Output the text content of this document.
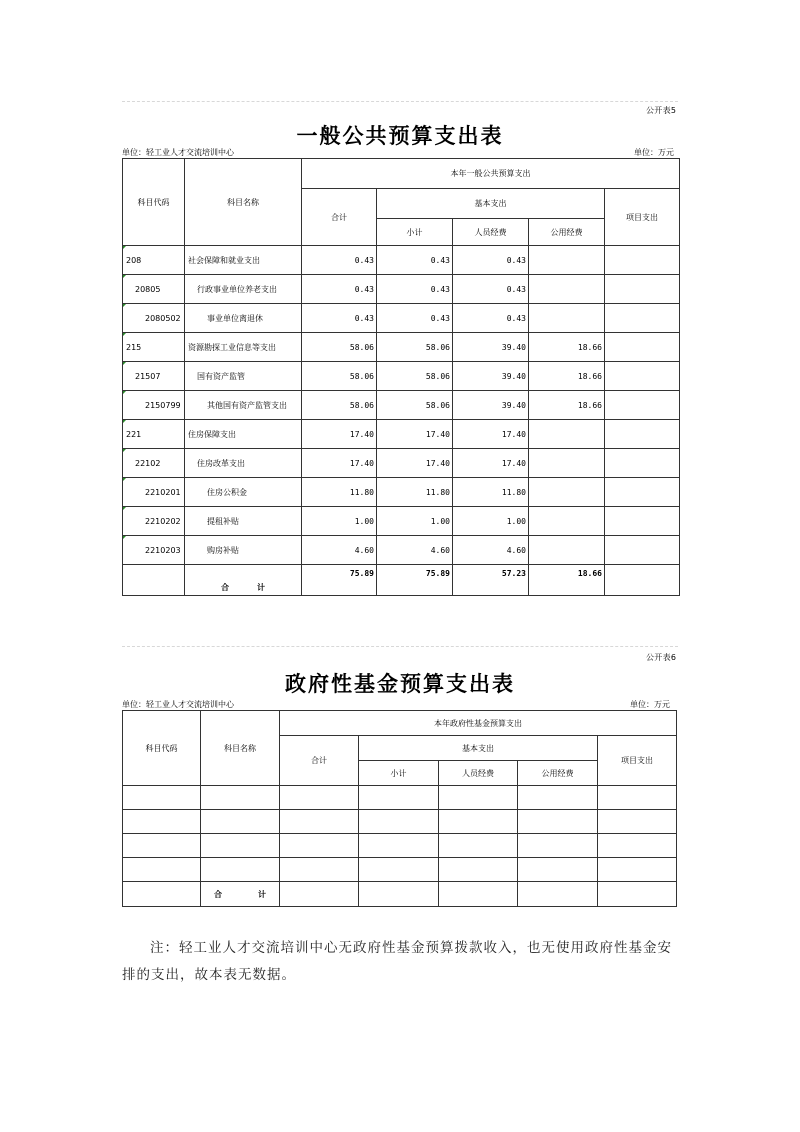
公开表5
一般公共预算支出表
单位：轻工业人才交流培训中心	单位：万元
科目代码	科目名称	本年一般公共预算支出				
		合计	基本支出			项目支出
			小计	人员经费	公用经费	
208	社会保障和就业支出	0.43	0.43	0.43		
20805	行政事业单位养老支出	0.43	0.43	0.43		
2080502	事业单位离退休	0.43	0.43	0.43		
215	资源勘探工业信息等支出	58.06	58.06	39.40	18.66	
21507	国有资产监管	58.06	58.06	39.40	18.66	
2150799	其他国有资产监管支出	58.06	58.06	39.40	18.66	
221	住房保障支出	17.40	17.40	17.40		
22102	住房改革支出	17.40	17.40	17.40		
2210201	住房公积金	11.80	11.80	11.80		
2210202	提租补贴	1.00	1.00	1.00		
2210203	购房补贴	4.60	4.60	4.60		
	合 计	75.89	75.89	57.23	18.66	
公开表6
政府性基金预算支出表
单位：轻工业人才交流培训中心	单位：万元
科目代码	科目名称	本年政府性基金预算支出				
		合计	基本支出			项目支出
			小计	人员经费	公用经费	

	合 计					
注：轻工业人才交流培训中心无政府性基金预算拨款收入，也无使用政府性基金安排的支出，故本表无数据。
